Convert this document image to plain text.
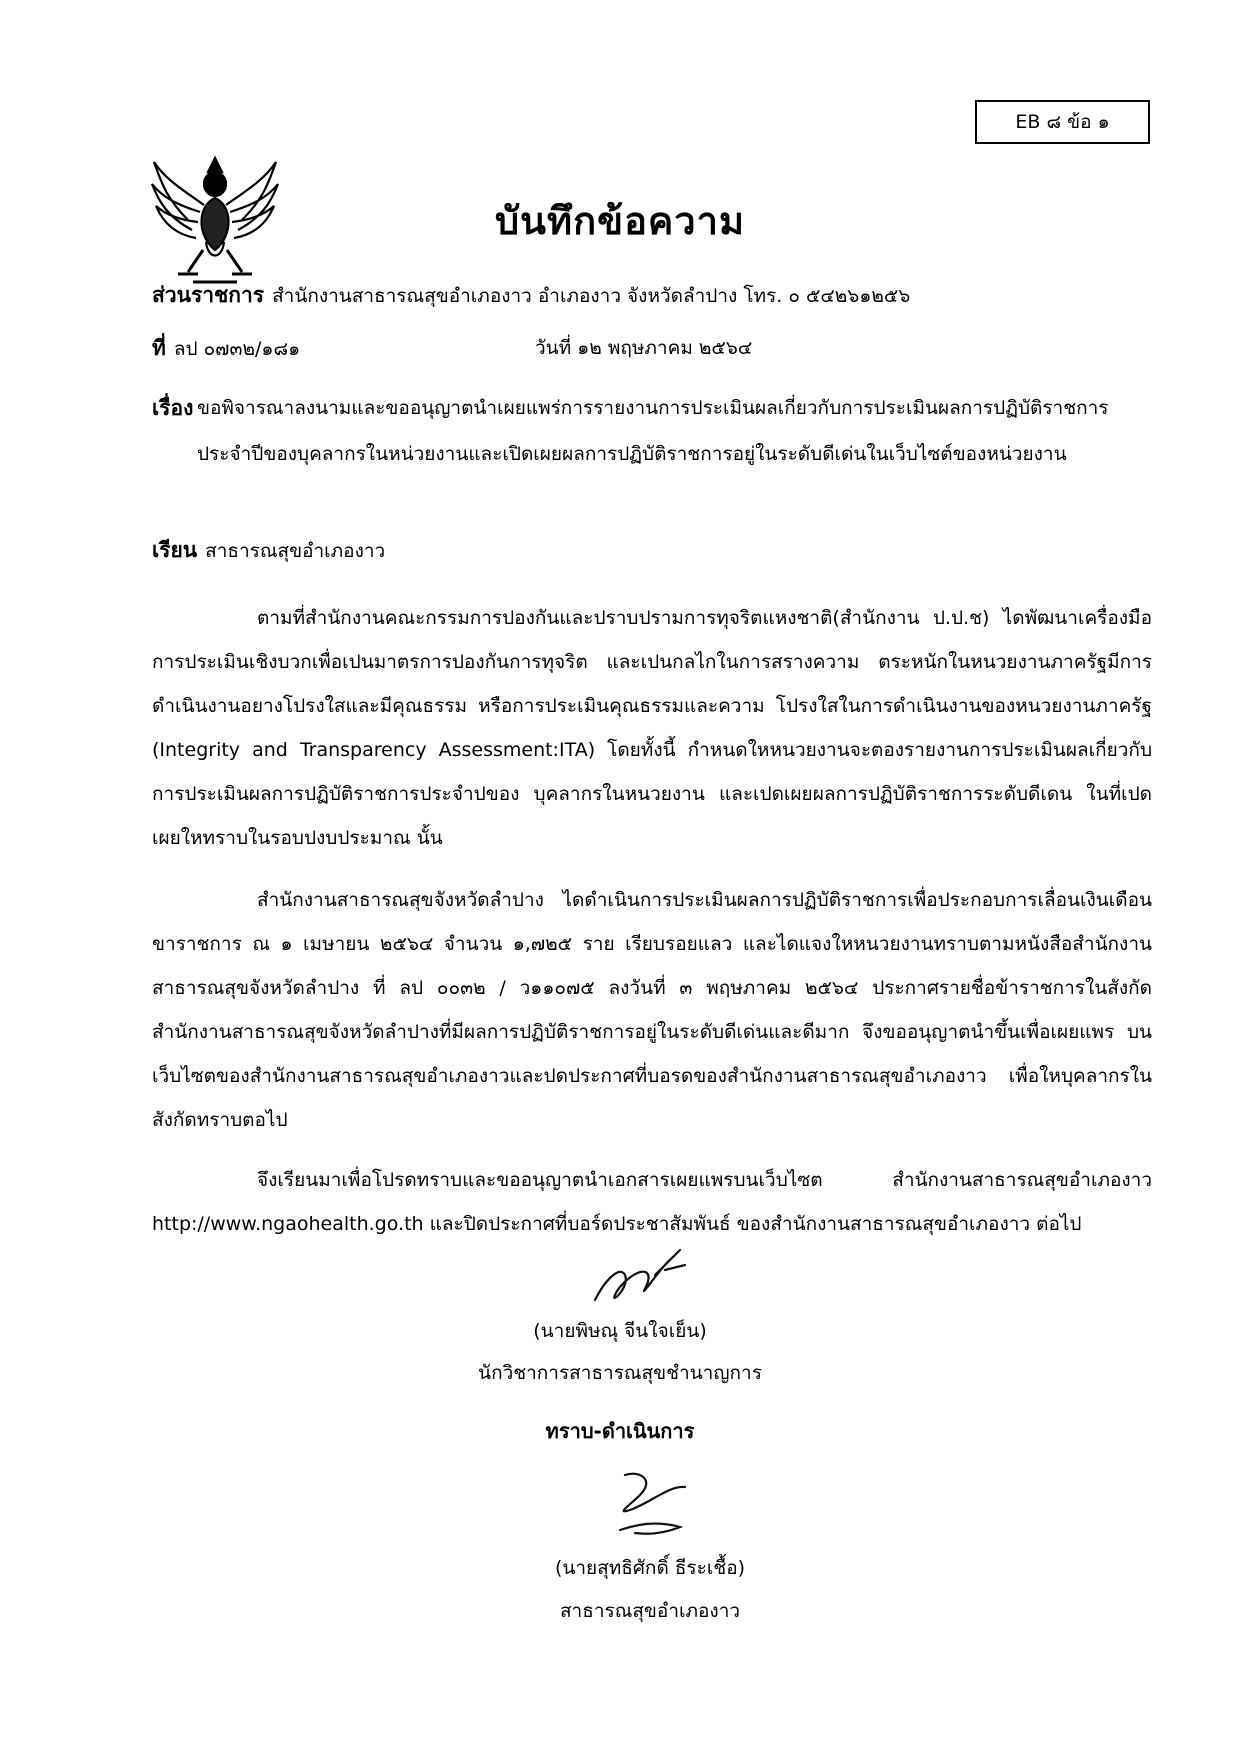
EB ๘ ข้อ ๑
บันทึกข้อความ
ส่วนราชการ สำนักงานสาธารณสุขอำเภองาว อำเภองาว จังหวัดลำปาง โทร. ๐ ๕๔๒๖๑๒๕๖
ที่ ลป ๐๗๓๒/๑๘๑	วันที่ ๑๒ พฤษภาคม ๒๕๖๔
เรื่อง ขอพิจารณาลงนามและขออนุญาตนำเผยแพร่การรายงานการประเมินผลเกี่ยวกับการประเมินผลการปฏิบัติราชการประจำปีของบุคลากรในหน่วยงานและเปิดเผยผลการปฏิบัติราชการอยู่ในระดับดีเด่นในเว็บไซต์ของหน่วยงาน
เรียน สาธารณสุขอำเภองาว
ตามที่สำนักงานคณะกรรมการปองกันและปราบปรามการทุจริตแหงชาติ(สำนักงาน ป.ป.ช) ไดพัฒนาเครื่องมือการประเมินเชิงบวกเพื่อเปนมาตรการปองกันการทุจริต และเปนกลไกในการสรางความ ตระหนักในหนวยงานภาครัฐมีการดำเนินงานอยางโปรงใสและมีคุณธรรม หรือการประเมินคุณธรรมและความ โปรงใสในการดำเนินงานของหนวยงานภาครัฐ (Integrity and Transparency Assessment:ITA) โดยทั้งนี้ กำหนดใหหนวยงานจะตองรายงานการประเมินผลเกี่ยวกับการประเมินผลการปฏิบัติราชการประจำปของ บุคลากรในหนวยงาน และเปดเผยผลการปฏิบัติราชการระดับดีเดน ในที่เปดเผยใหทราบในรอบปงบประมาณ นั้น
สำนักงานสาธารณสุขจังหวัดลำปาง ไดดำเนินการประเมินผลการปฏิบัติราชการเพื่อประกอบการเลื่อนเงินเดือนขาราชการ ณ ๑ เมษายน ๒๕๖๔ จำนวน ๑,๗๒๕ ราย เรียบรอยแลว และไดแจงใหหนวยงานทราบตามหนังสือสำนักงานสาธารณสุขจังหวัดลำปาง ที่ ลป ๐๐๓๒ / ว๑๑๐๗๕ ลงวันที่ ๓ พฤษภาคม ๒๕๖๔ ประกาศรายชื่อข้าราชการในสังกัดสำนักงานสาธารณสุขจังหวัดลำปางที่มีผลการปฏิบัติราชการอยู่ในระดับดีเด่นและดีมาก จึงขออนุญาตนำขึ้นเพื่อเผยแพร บนเว็บไซตของสำนักงานสาธารณสุขอำเภองาวและปดประกาศที่บอรดของสำนักงานสาธารณสุขอำเภองาว เพื่อใหบุคลากรในสังกัดทราบตอไป
จึงเรียนมาเพื่อโปรดทราบและขออนุญาตนำเอกสารเผยแพรบนเว็บไซต สำนักงานสาธารณสุขอำเภองาว http://www.ngaohealth.go.th และปิดประกาศที่บอร์ดประชาสัมพันธ์ ของสำนักงานสาธารณสุขอำเภองาว ต่อไป
(นายพิษณุ จีนใจเย็น)
นักวิชาการสาธารณสุขชำนาญการ
ทราบ-ดำเนินการ
(นายสุทธิศักดิ์ ธีระเชื้อ)
สาธารณสุขอำเภองาว
